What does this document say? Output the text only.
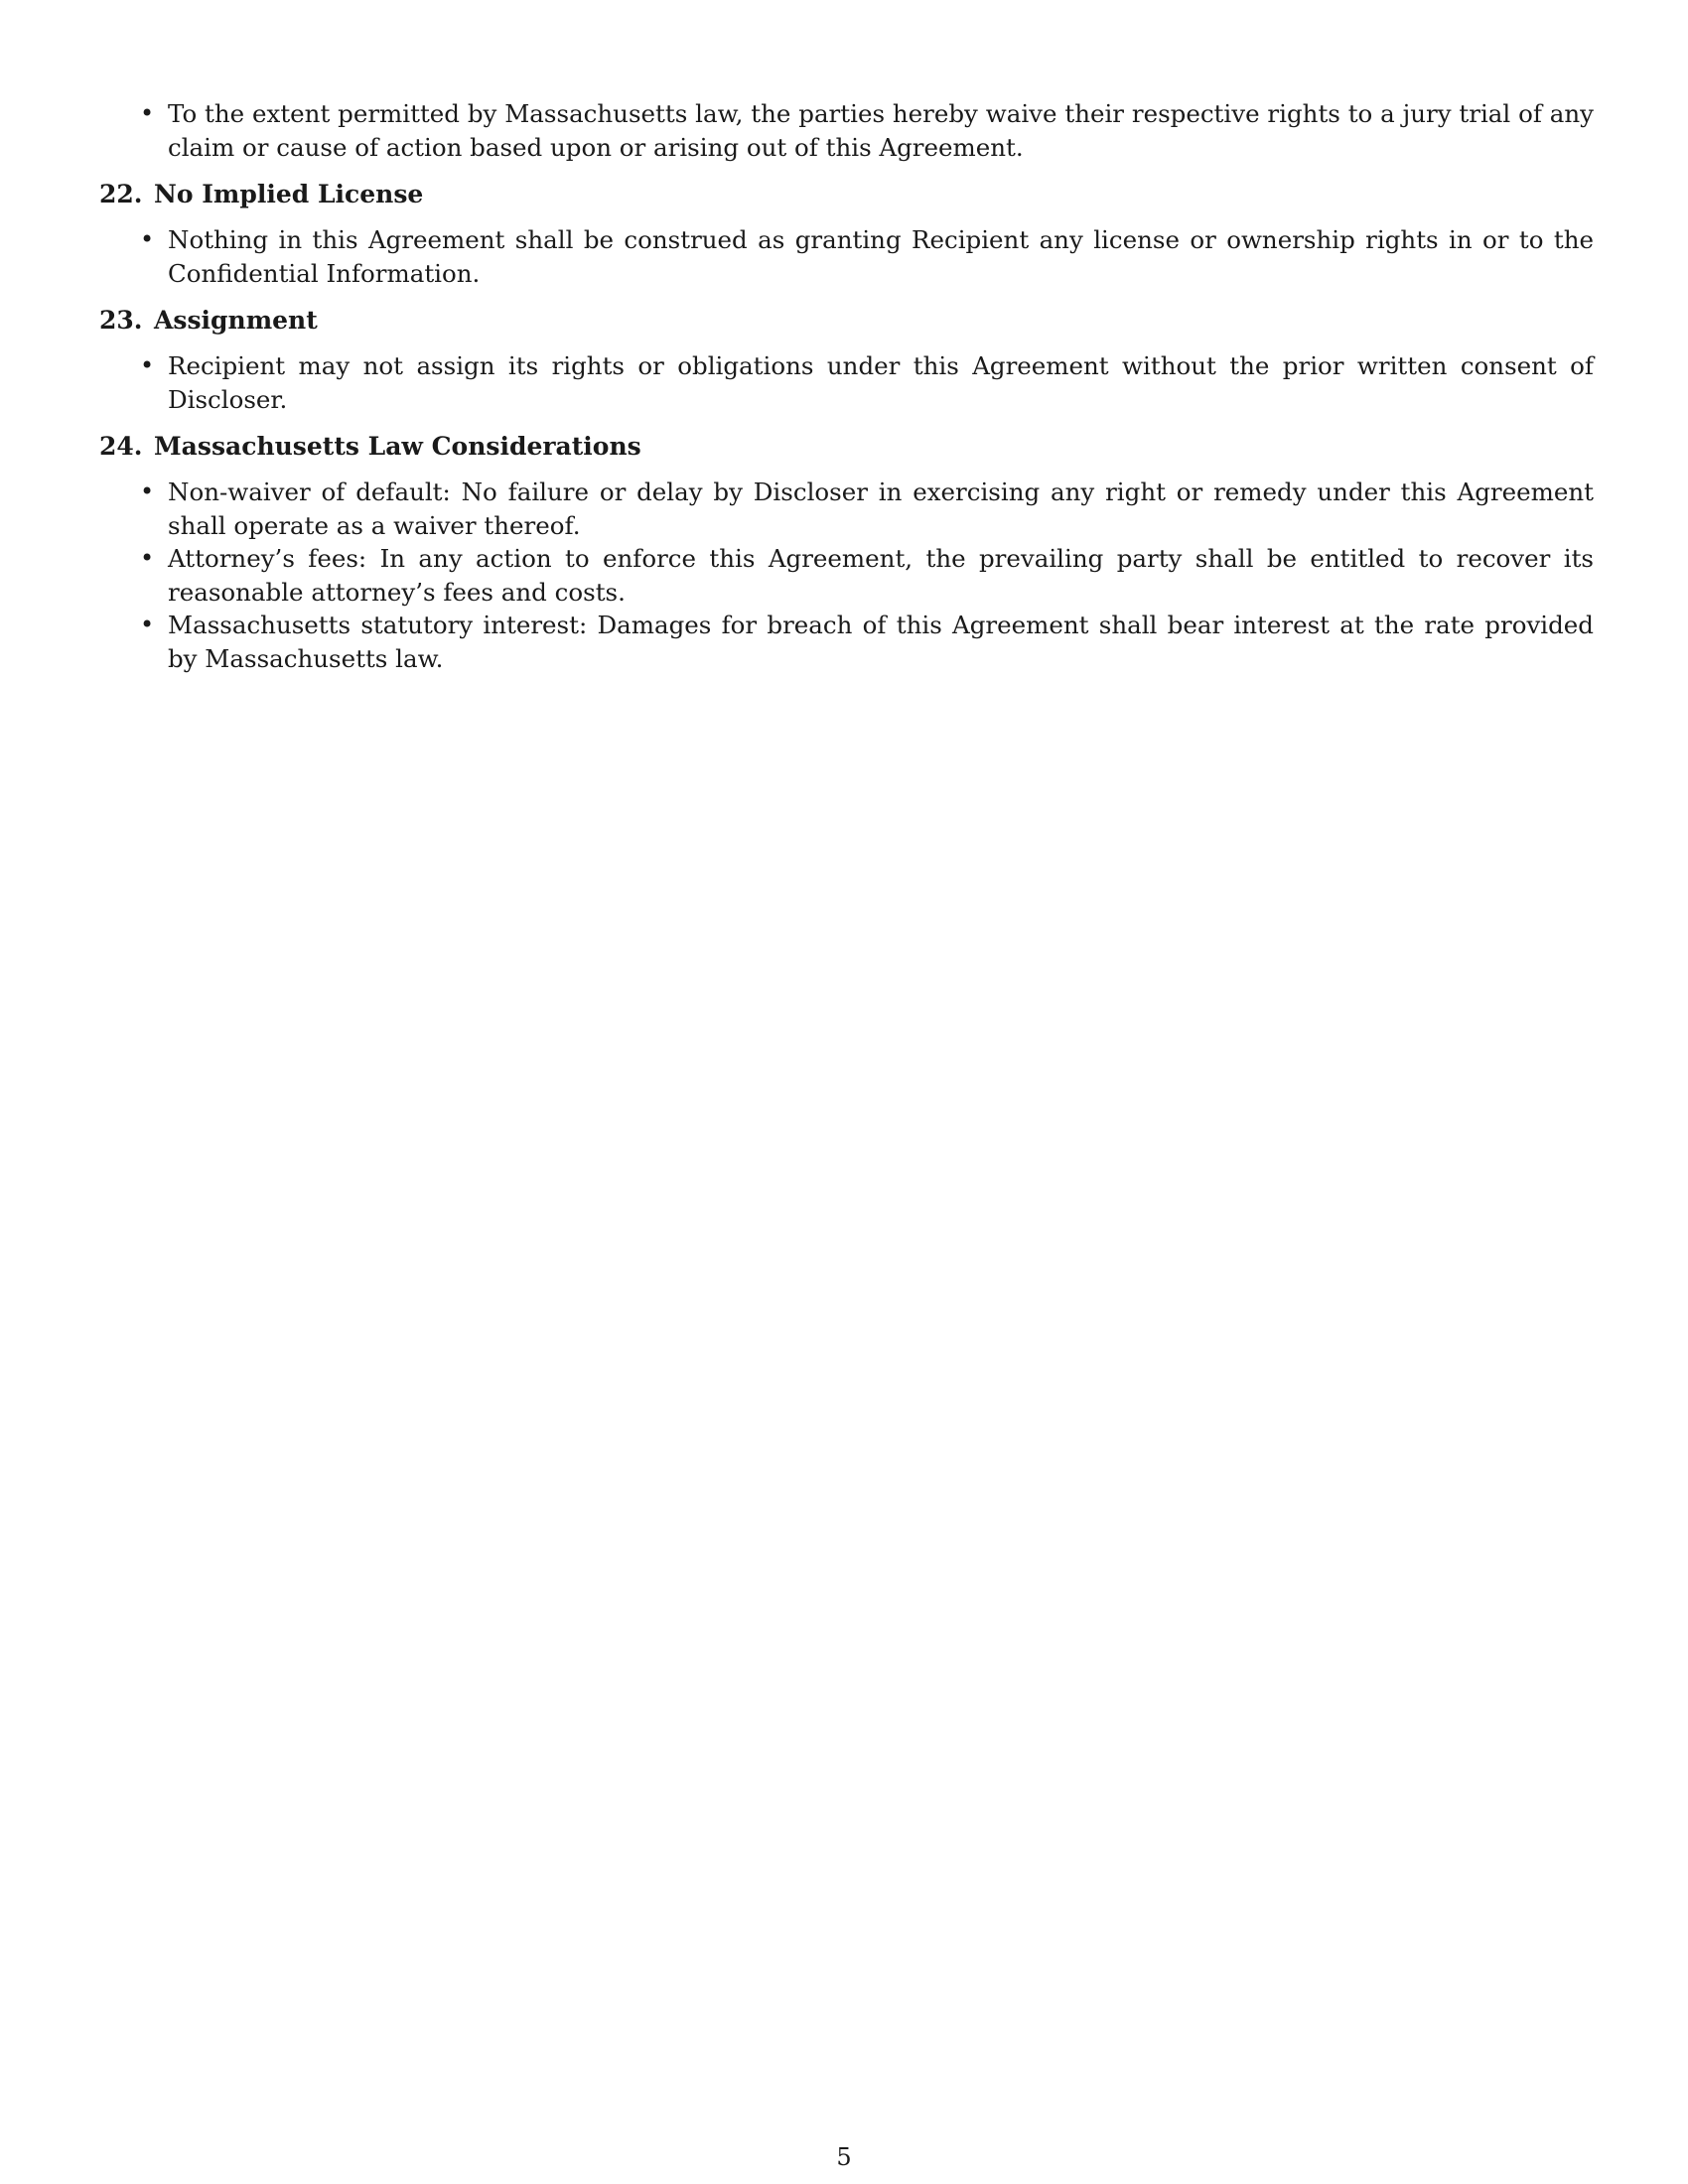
• To the extent permitted by Massachusetts law, the parties hereby waive their respective rights to a jury trial of any claim or cause of action based upon or arising out of this Agreement.
22. No Implied License
• Nothing in this Agreement shall be construed as granting Recipient any license or ownership rights in or to the Confidential Information.
23. Assignment
• Recipient may not assign its rights or obligations under this Agreement without the prior written consent of Discloser.
24. Massachusetts Law Considerations
• Non-waiver of default: No failure or delay by Discloser in exercising any right or remedy under this Agreement shall operate as a waiver thereof.
• Attorney’s fees: In any action to enforce this Agreement, the prevailing party shall be entitled to recover its reasonable attorney’s fees and costs.
• Massachusetts statutory interest: Damages for breach of this Agreement shall bear interest at the rate provided by Massachusetts law.
5
